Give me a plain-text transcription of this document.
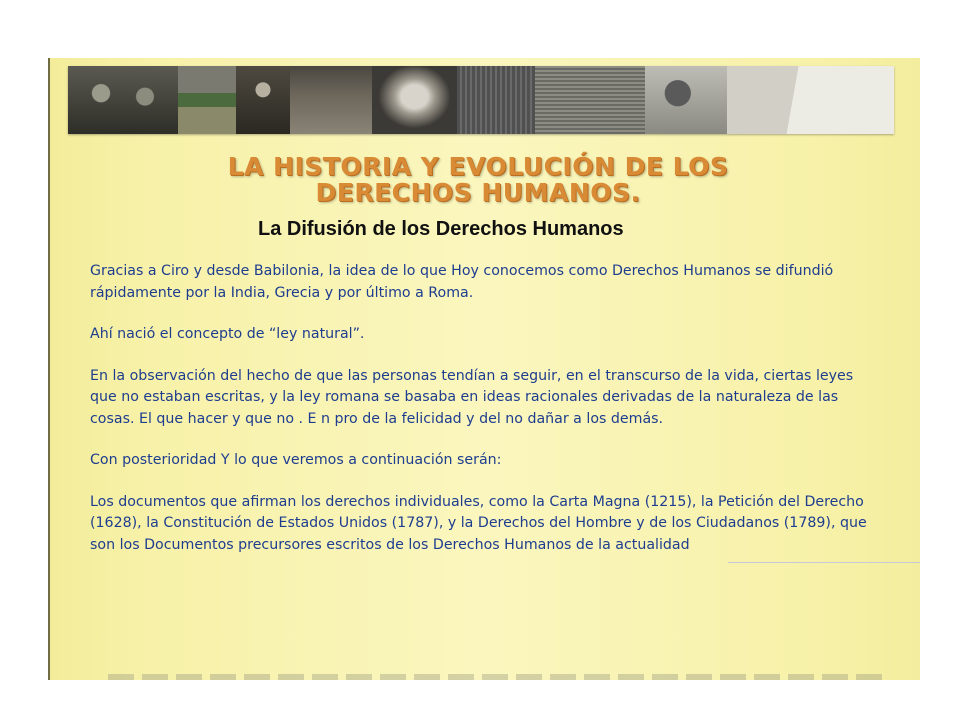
LA HISTORIA Y EVOLUCIÓN DE LOS DERECHOS HUMANOS.
La Difusión de los Derechos Humanos

Gracias a Ciro y desde Babilonia, la idea de lo que Hoy conocemos como Derechos Humanos se difundió rápidamente por la India, Grecia y por último a Roma.

Ahí nació el concepto de “ley natural”.

En la observación del hecho de que las personas tendían a seguir, en el transcurso de la vida, ciertas leyes que no estaban escritas, y la ley romana se basaba en ideas racionales derivadas de la naturaleza de las cosas. El que hacer y que no . E n pro de la felicidad y del no dañar a los demás.

Con posterioridad Y lo que veremos a continuación serán:

Los documentos que afirman los derechos individuales, como la Carta Magna (1215), la Petición del Derecho (1628), la Constitución de Estados Unidos (1787), y la Derechos del Hombre y de los Ciudadanos (1789), que son los Documentos precursores escritos de los Derechos Humanos de la actualidad
